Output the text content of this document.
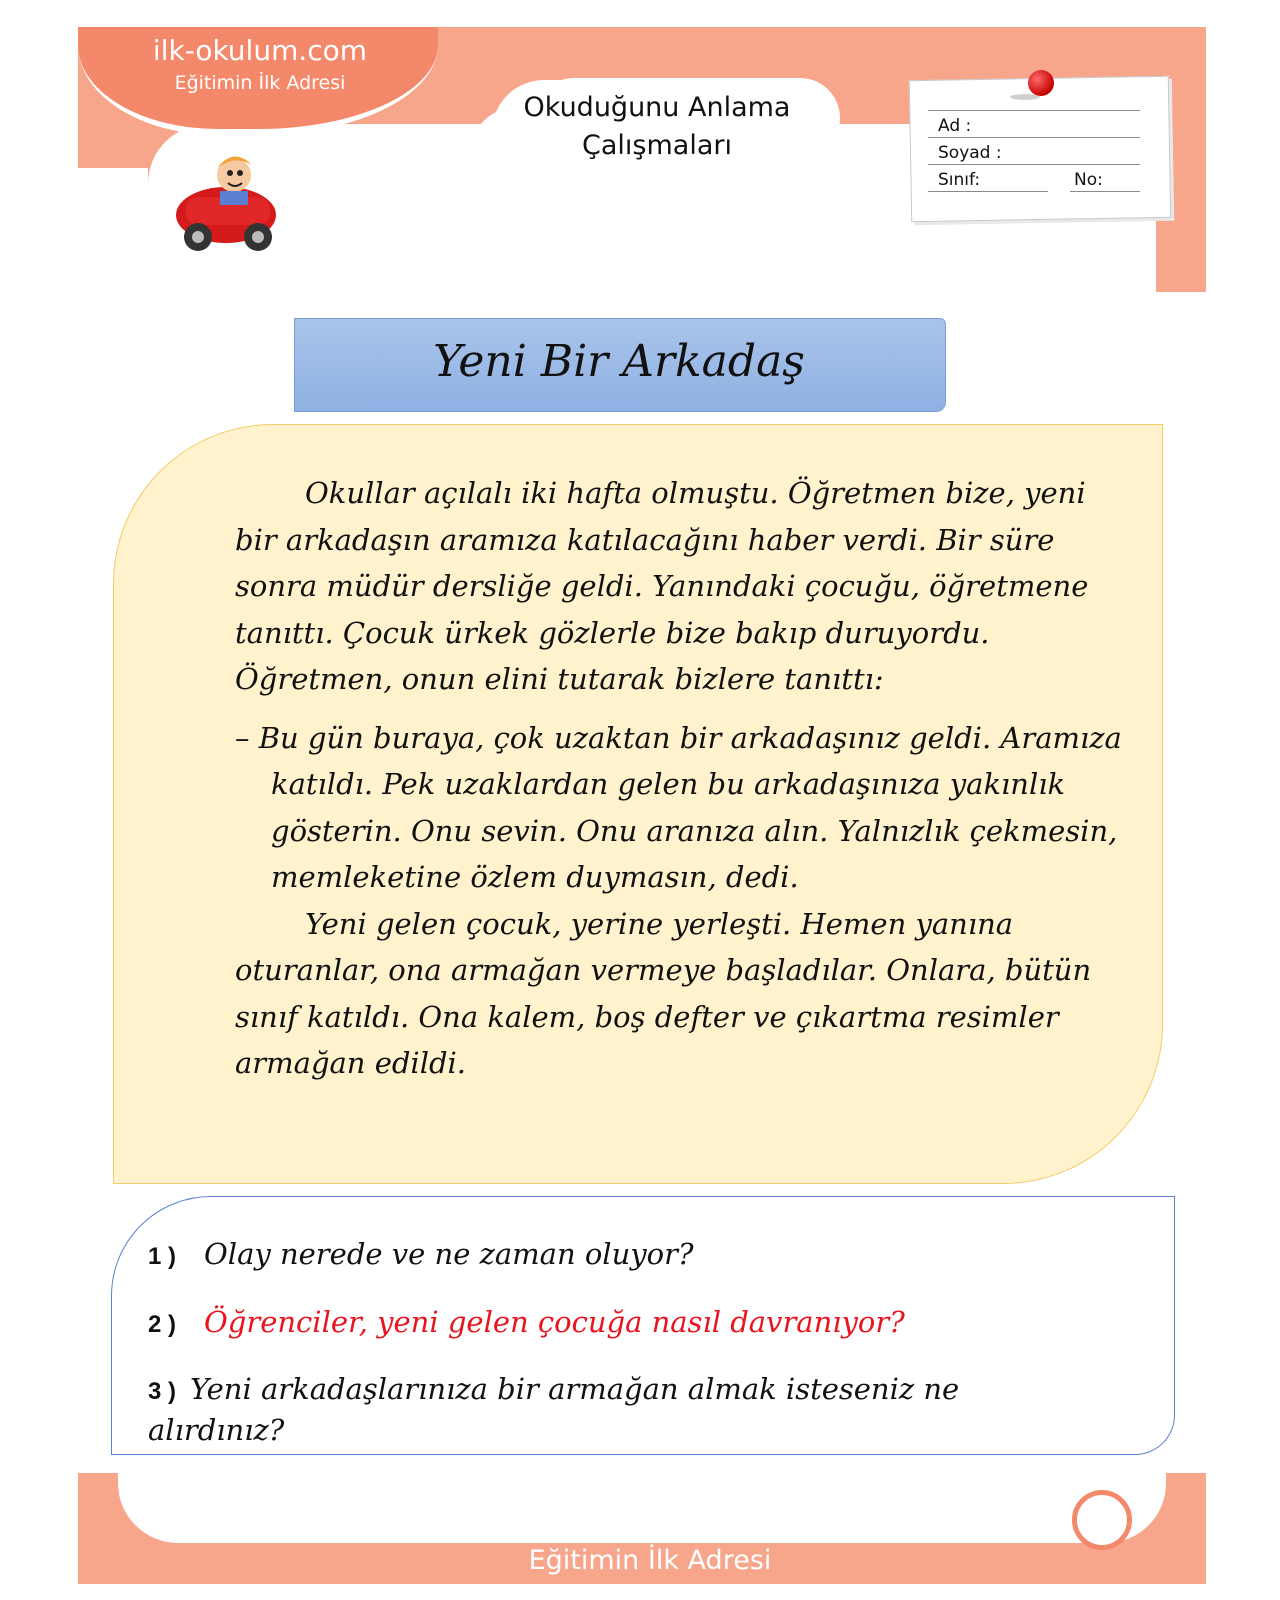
ilk-okulum.com
Eğitimin İlk Adresi
Okuduğunu Anlama
Çalışmaları
Ad :
Soyad :
Sınıf:	No:
Yeni Bir Arkadaş

Okullar açılalı iki hafta olmuştu. Öğretmen bize, yeni bir arkadaşın aramıza katılacağını haber verdi. Bir süre sonra müdür dersliğe geldi. Yanındaki çocuğu, öğretmene tanıttı. Çocuk ürkek gözlerle bize bakıp duruyordu. Öğretmen, onun elini tutarak bizlere tanıttı:

– Bu gün buraya, çok uzaktan bir arkadaşınız geldi. Aramıza katıldı. Pek uzaklardan gelen bu arkadaşınıza yakınlık gösterin. Onu sevin. Onu aranıza alın. Yalnızlık çekmesin, memleketine özlem duymasın, dedi.

Yeni gelen çocuk, yerine yerleşti. Hemen yanına oturanlar, ona armağan vermeye başladılar. Onlara, bütün sınıf katıldı. Ona kalem, boş defter ve çıkartma resimler armağan edildi.

1 ) Olay nerede ve ne zaman oluyor?
2 ) Öğrenciler, yeni gelen çocuğa nasıl davranıyor?
3 ) Yeni arkadaşlarınıza bir armağan almak isteseniz ne alırdınız?
ilk-okulum.com
Eğitimin İlk Adresi
